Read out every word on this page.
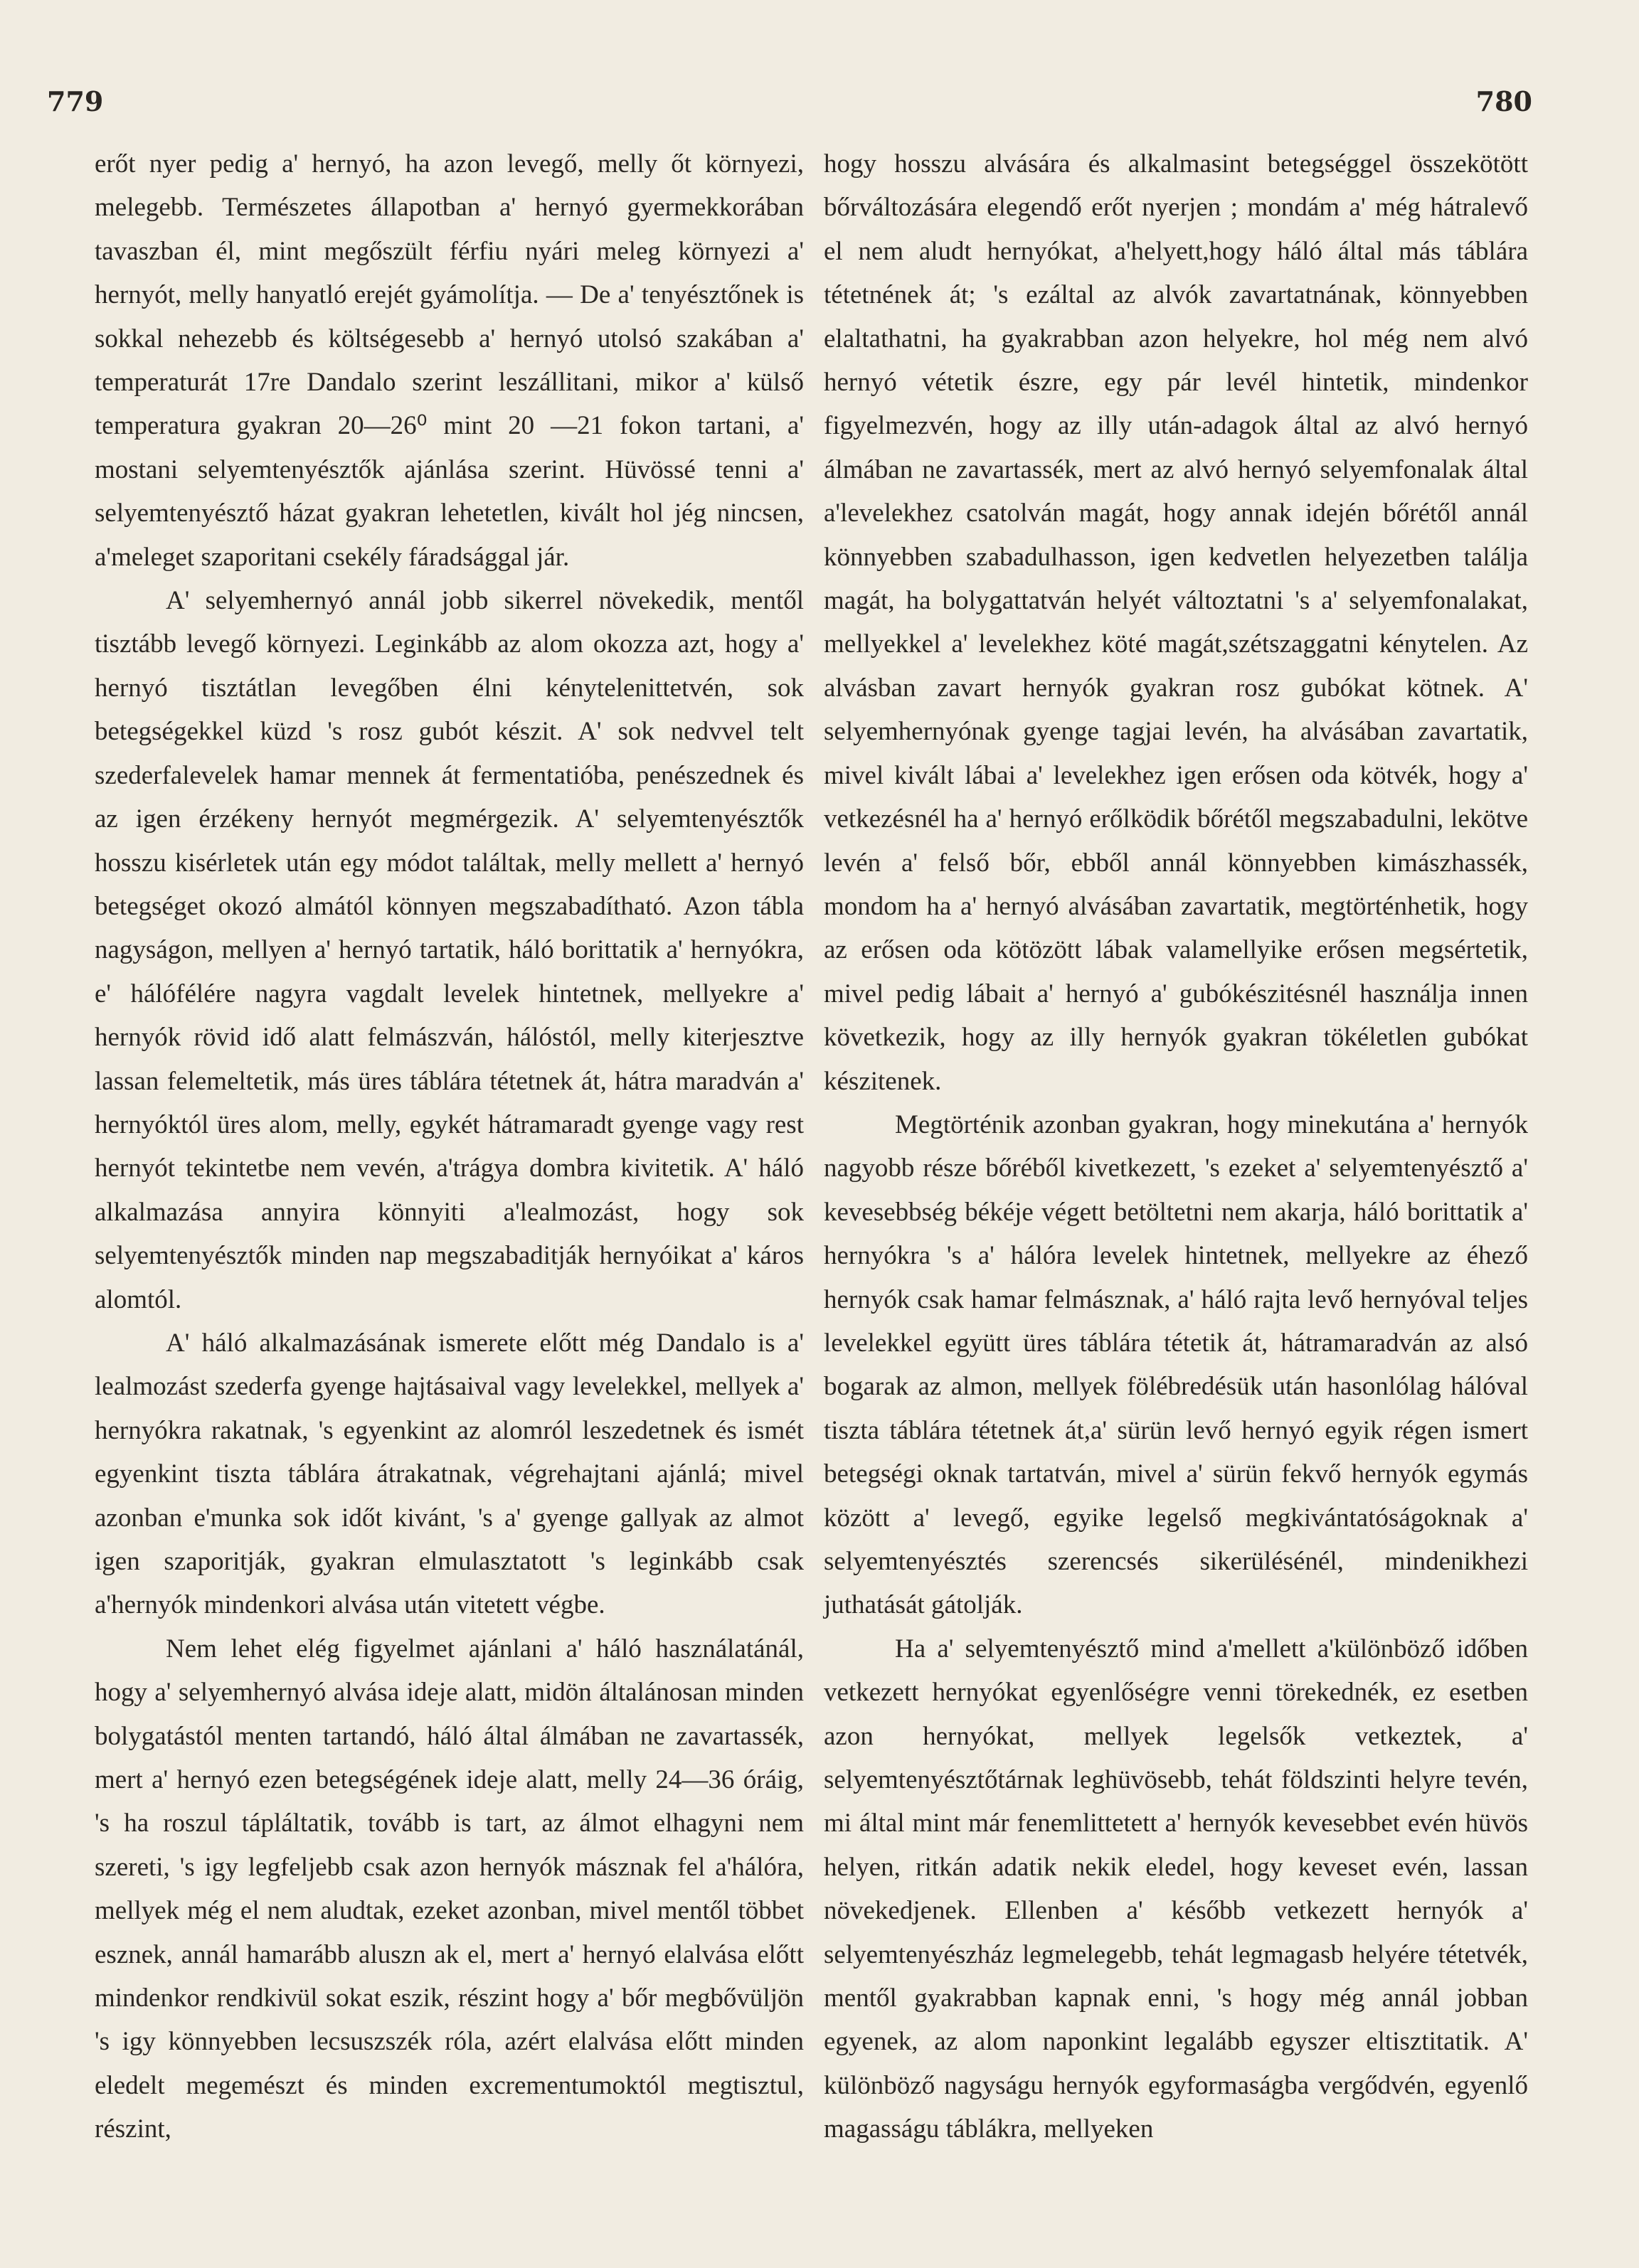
779	780

erőt nyer pedig a' hernyó, ha azon levegő, melly őt környezi, melegebb. Természetes állapotban a' hernyó gyermekkorában tavaszban él, mint megőszült férfiu nyári meleg környezi a' hernyót, melly hanyatló erejét gyámolítja. — De a' tenyésztőnek is sokkal nehezebb és költségesebb a' hernyó utolsó szakában a' temperaturát 17re Dandalo szerint leszállitani, mikor a' külső temperatura gyakran 20—26⁰ mint 20 —21 fokon tartani, a' mostani selyemtenyésztők ajánlása szerint. Hüvössé tenni a' selyemtenyésztő házat gyakran lehetetlen, kivált hol jég nincsen, a'meleget szaporitani csekély fáradsággal jár.

A' selyemhernyó annál jobb sikerrel növekedik, mentől tisztább levegő környezi. Leginkább az alom okozza azt, hogy a' hernyó tisztátlan levegőben élni kénytelenittetvén, sok betegségekkel küzd 's rosz gubót készit. A' sok nedvvel telt szederfalevelek hamar mennek át fermentatióba, penészednek és az igen érzékeny hernyót megmérgezik. A' selyemtenyésztők hosszu kisérletek után egy módot találtak, melly mellett a' hernyó betegséget okozó almától könnyen megszabadítható. Azon tábla nagyságon, mellyen a' hernyó tartatik, háló borittatik a' hernyókra, e' hálófélére nagyra vagdalt levelek hintetnek, mellyekre a' hernyók rövid idő alatt felmászván, hálóstól, melly kiterjesztve lassan felemeltetik, más üres táblára tétetnek át, hátra maradván a' hernyóktól üres alom, melly, egykét hátramaradt gyenge vagy rest hernyót tekintetbe nem vevén, a'trágya dombra kivitetik. A' háló alkalmazása annyira könnyiti a'lealmozást, hogy sok selyemtenyésztők minden nap megszabaditják hernyóikat a' káros alomtól.

A' háló alkalmazásának ismerete előtt még Dandalo is a' lealmozást szederfa gyenge hajtásaival vagy levelekkel, mellyek a' hernyókra rakatnak, 's egyenkint az alomról leszedetnek és ismét egyenkint tiszta táblára átrakatnak, végrehajtani ajánlá; mivel azonban e'munka sok időt kivánt, 's a' gyenge gallyak az almot igen szaporitják, gyakran elmulasztatott 's leginkább csak a'hernyók mindenkori alvása után vitetett végbe.

Nem lehet elég figyelmet ajánlani a' háló használatánál, hogy a' selyemhernyó alvása ideje alatt, midön általánosan minden bolygatástól menten tartandó, háló által álmában ne zavartassék, mert a' hernyó ezen betegségének ideje alatt, melly 24—36 óráig, 's ha roszul tápláltatik, tovább is tart, az álmot elhagyni nem szereti, 's igy legfeljebb csak azon hernyók másznak fel a'hálóra, mellyek még el nem aludtak, ezeket azonban, mivel mentől többet esznek, annál hamarább aluszn ak el, mert a' hernyó elalvása előtt mindenkor rendkivül sokat eszik, részint hogy a' bőr megbővüljön 's igy könnyebben lecsuszszék róla, azért elalvása előtt minden eledelt megemészt és minden excrementumoktól megtisztul, részint,

hogy hosszu alvására és alkalmasint betegséggel összekötött bőrváltozására elegendő erőt nyerjen ; mondám a' még hátralevő el nem aludt hernyókat, a'helyett,hogy háló által más táblára tétetnének át; 's ezáltal az alvók zavartatnának, könnyebben elaltathatni, ha gyakrabban azon helyekre, hol még nem alvó hernyó vétetik észre, egy pár levél hintetik, mindenkor figyelmezvén, hogy az illy után-adagok által az alvó hernyó álmában ne zavartassék, mert az alvó hernyó selyemfonalak által a'levelekhez csatolván magát, hogy annak idején bőrétől annál könnyebben szabadulhasson, igen kedvetlen helyezetben találja magát, ha bolygattatván helyét változtatni 's a' selyemfonalakat, mellyekkel a' levelekhez köté magát,szétszaggatni kénytelen. Az alvásban zavart hernyók gyakran rosz gubókat kötnek. A' selyemhernyónak gyenge tagjai levén, ha alvásában zavartatik, mivel kivált lábai a' levelekhez igen erősen oda kötvék, hogy a' vetkezésnél ha a' hernyó erőlködik bőrétől megszabadulni, lekötve levén a' felső bőr, ebből annál könnyebben kimászhassék, mondom ha a' hernyó alvásában zavartatik, megtörténhetik, hogy az erősen oda kötözött lábak valamellyike erősen megsértetik, mivel pedig lábait a' hernyó a' gubókészitésnél használja innen következik, hogy az illy hernyók gyakran tökéletlen gubókat készitenek.

Megtörténik azonban gyakran, hogy minekutána a' hernyók nagyobb része bőréből kivetkezett, 's ezeket a' selyemtenyésztő a' kevesebbség békéje végett betöltetni nem akarja, háló borittatik a' hernyókra 's a' hálóra levelek hintetnek, mellyekre az éhező hernyók csak hamar felmásznak, a' háló rajta levő hernyóval teljes levelekkel együtt üres táblára tétetik át, hátramaradván az alsó bogarak az almon, mellyek fölébredésük után hasonlólag hálóval tiszta táblára tétetnek át,a' sürün levő hernyó egyik régen ismert betegségi oknak tartatván, mivel a' sürün fekvő hernyók egymás között a' levegő, egyike legelső megkivántatóságoknak a' selyemtenyésztés szerencsés sikerülésénél, mindenikhezi juthatását gátolják.

Ha a' selyemtenyésztő mind a'mellett a'különböző időben vetkezett hernyókat egyenlőségre venni törekednék, ez esetben azon hernyókat, mellyek legelsők vetkeztek, a' selyemtenyésztőtárnak leghüvösebb, tehát földszinti helyre tevén, mi által mint már fenemlittetett a' hernyók kevesebbet evén hüvös helyen, ritkán adatik nekik eledel, hogy keveset evén, lassan növekedjenek. Ellenben a' később vetkezett hernyók a' selyemtenyészház legmelegebb, tehát legmagasb helyére tétetvék, mentől gyakrabban kapnak enni, 's hogy még annál jobban egyenek, az alom naponkint legalább egyszer eltisztitatik. A' különböző nagyságu hernyók egyformaságba vergődvén, egyenlő magasságu táblákra, mellyeken
